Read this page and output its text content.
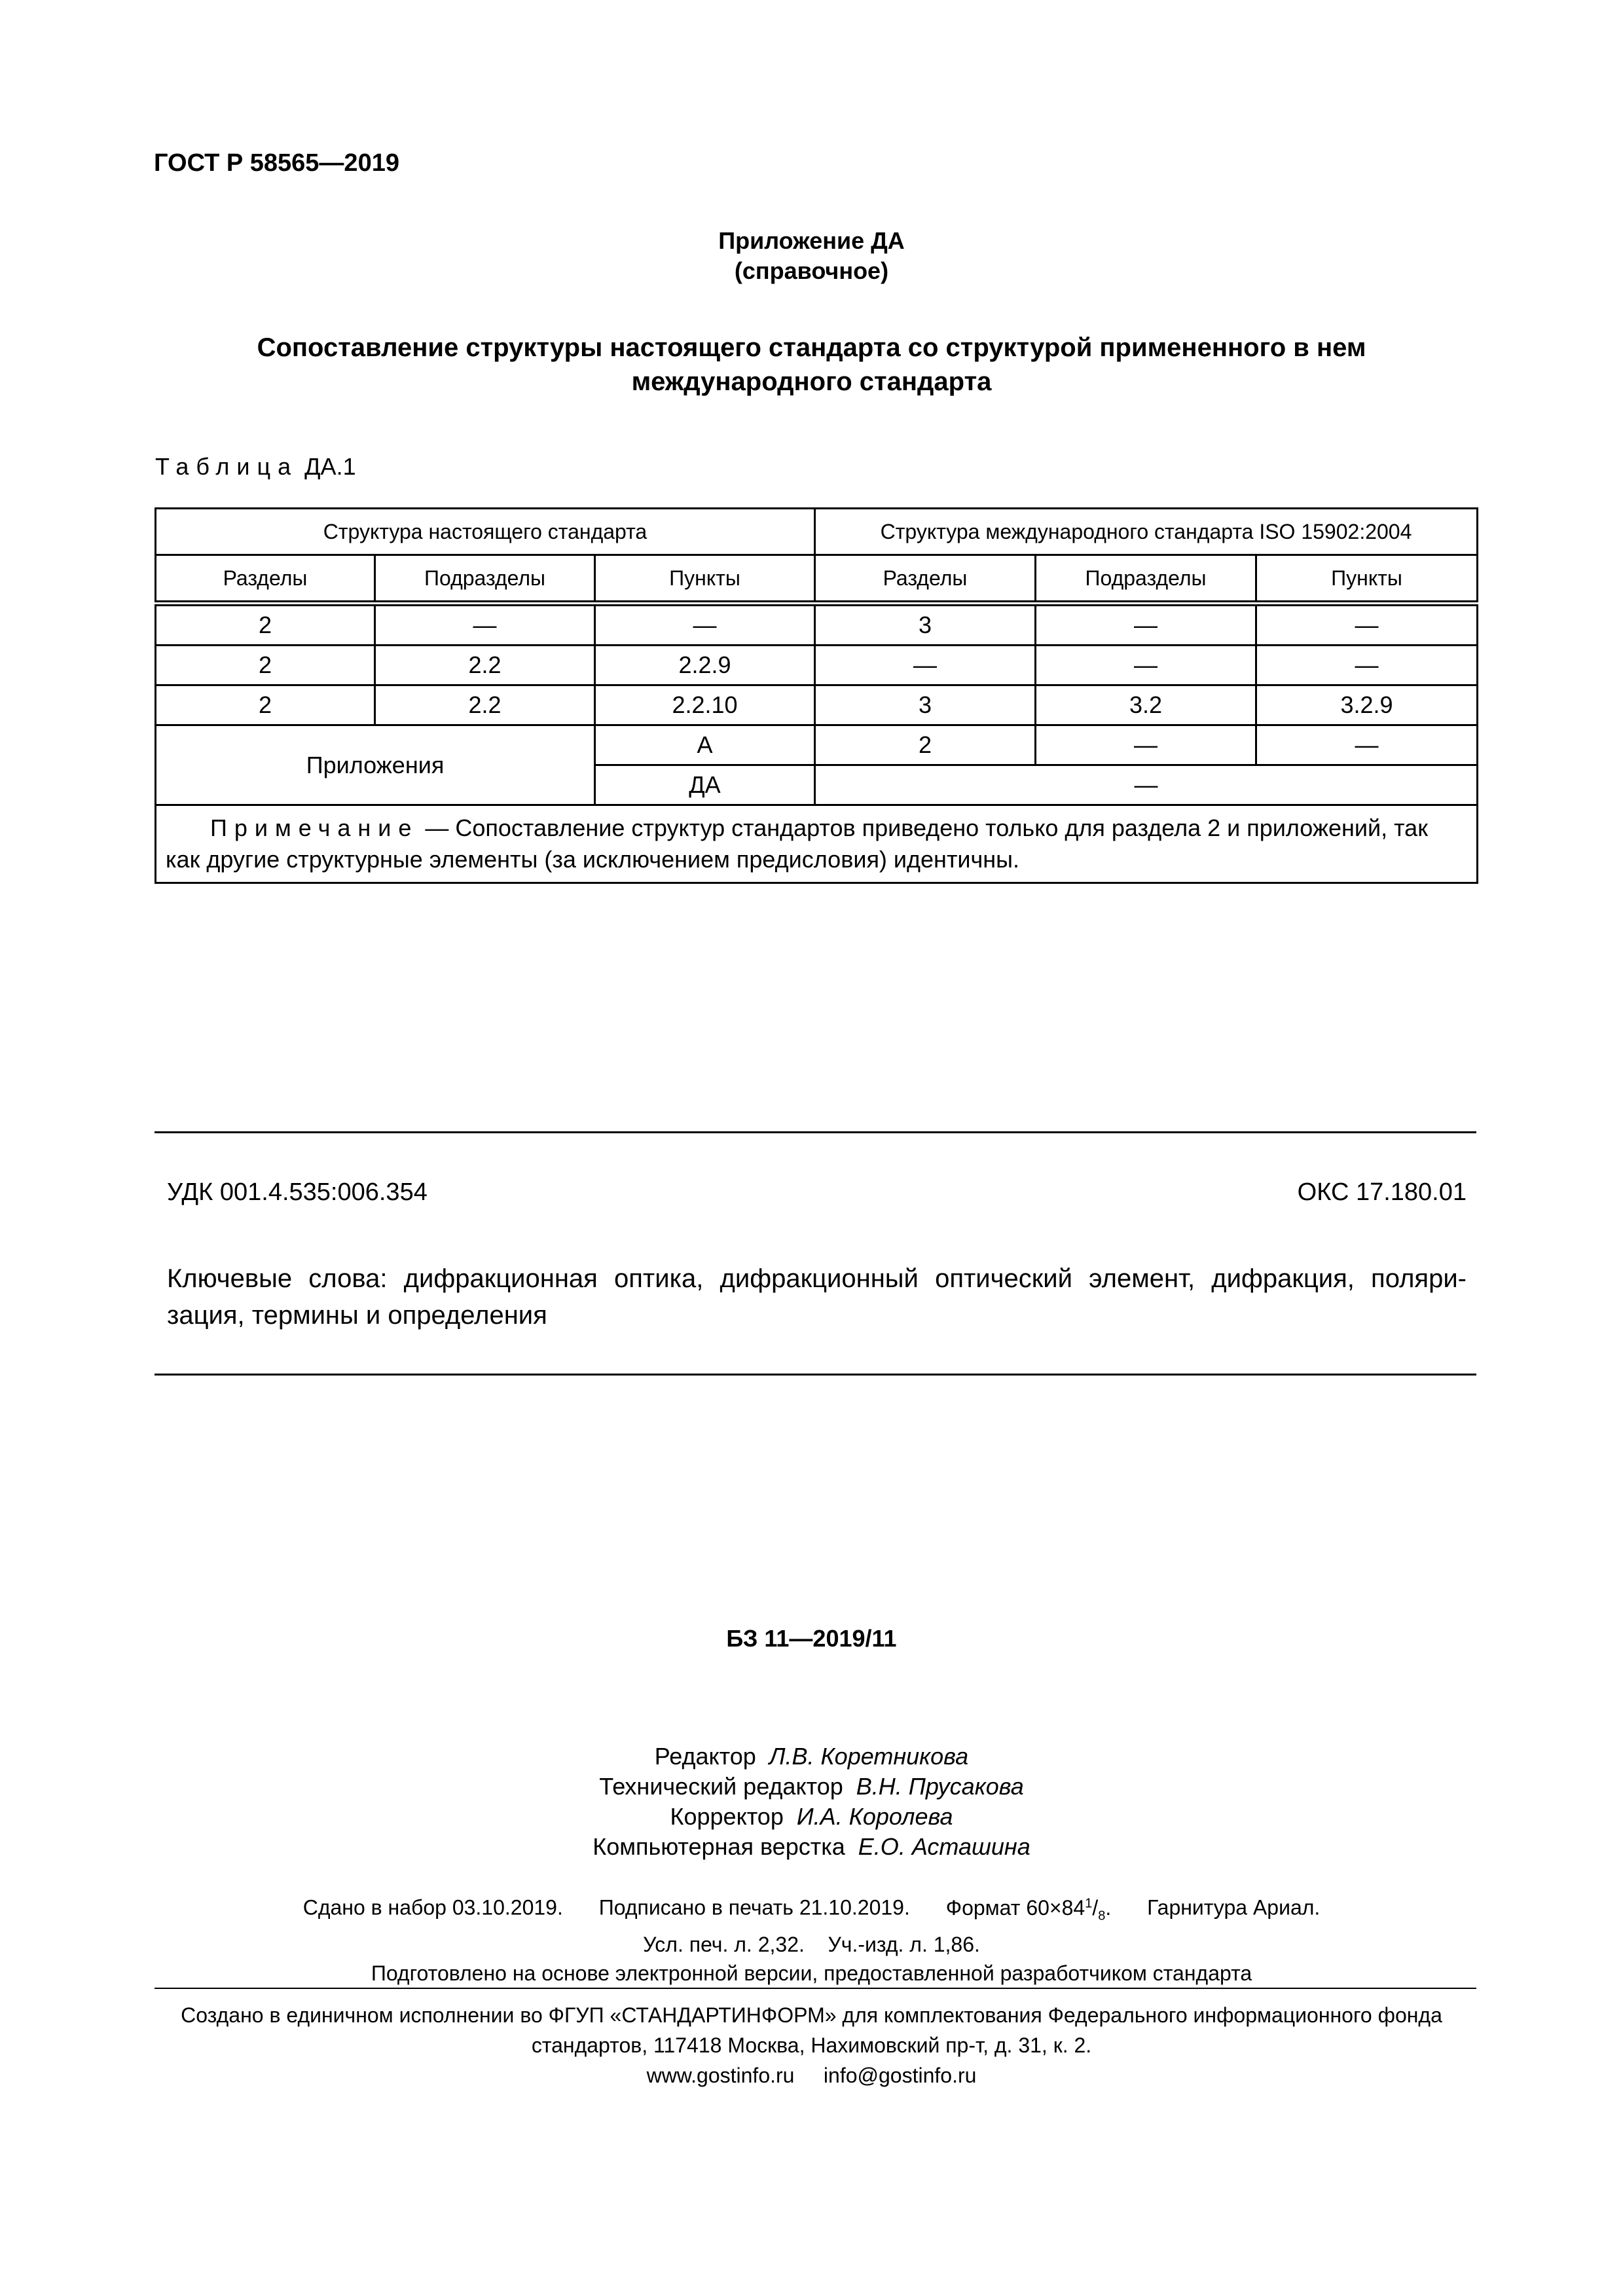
ГОСТ Р 58565—2019
Приложение ДА
(справочное)
Сопоставление структуры настоящего стандарта со структурой примененного в нем
международного стандарта
Таблица ДА.1
Структура настоящего стандарта			Структура международного стандарта ISO 15902:2004		
Разделы	Подразделы	Пункты	Разделы	Подразделы	Пункты
2	—	—	3	—	—
2	2.2	2.2.9	—	—	—
2	2.2	2.2.10	3	3.2	3.2.9
Приложения		А	2	—	—
		ДА	—		
Примечание — Сопоставление структур стандартов приведено только для раздела 2 и приложений, так как другие структурные элементы (за исключением предисловия) идентичны.					
УДК 001.4.535:006.354	ОКС 17.180.01
Ключевые слова: дифракционная оптика, дифракционный оптический элемент, дифракция, поляри-
зация, термины и определения
БЗ 11—2019/11
Редактор Л.В. Коретникова
Технический редактор В.Н. Прусакова
Корректор И.А. Королева
Компьютерная верстка Е.О. Асташина
Сдано в набор 03.10.2019. Подписано в печать 21.10.2019. Формат $60\times 84^1/_8$. Гарнитура Ариал.
Усл. печ. л. 2,32. Уч.-изд. л. 1,86.
Подготовлено на основе электронной версии, предоставленной разработчиком стандарта
Создано в единичном исполнении во ФГУП «СТАНДАРТИНФОРМ» для комплектования Федерального информационного фонда
стандартов, 117418 Москва, Нахимовский пр-т, д. 31, к. 2.
www.gostinfo.ru info@gostinfo.ru
